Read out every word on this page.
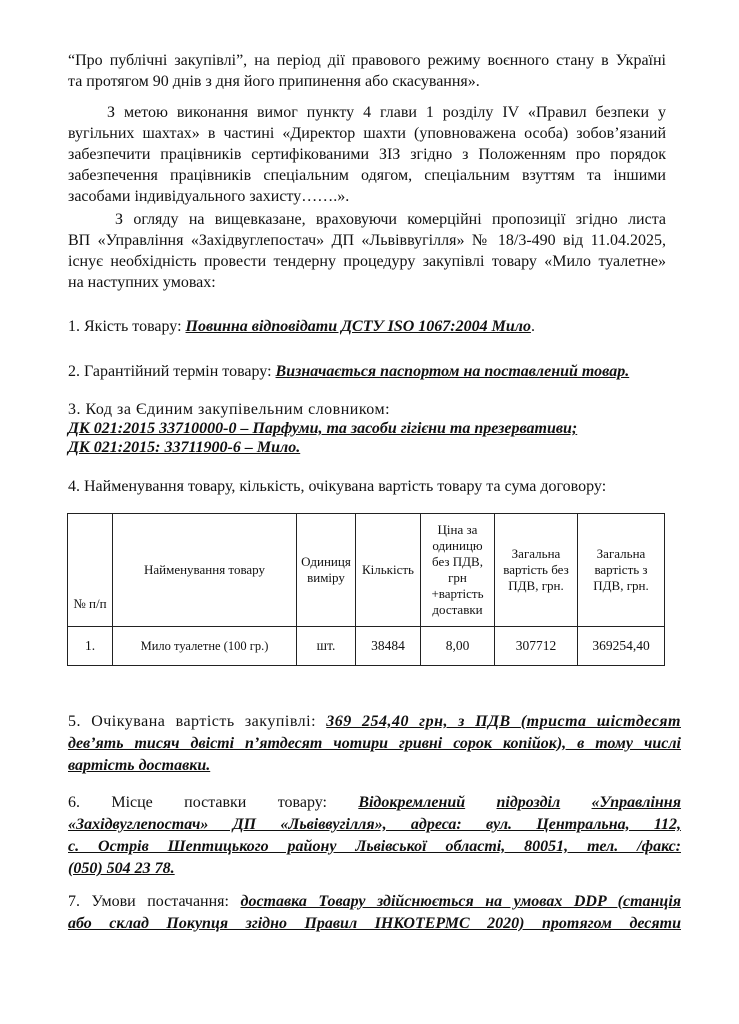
“Про публічні закупівлі”, на період дії правового режиму воєнного стану в Україні
та протягом 90 днів з дня його припинення або скасування».
З метою виконання вимог пункту 4 глави 1 розділу IV «Правил безпеки у
вугільних шахтах» в частині «Директор шахти (уповноважена особа) зобов’язаний
забезпечити працівників сертифікованими ЗІЗ згідно з Положенням про порядок
забезпечення працівників спеціальним одягом, спеціальним взуттям та іншими
засобами індивідуального захисту…….».
З огляду на вищевказане, враховуючи комерційні пропозиції згідно листа
ВП «Управління «Західвуглепостач» ДП «Львіввугілля» № 18/3-490 від 11.04.2025,
існує необхідність провести тендерну процедуру закупівлі товару «Мило туалетне»
на наступних умовах:
1. Якість товару: Повинна відповідати ДСТУ ISO 1067:2004 Мило.
2. Гарантійний термін товару: Визначається паспортом на поставлений товар.
3. Код за Єдиним закупівельним словником:
ДК 021:2015 33710000-0 – Парфуми, та засоби гігієни та презервативи;
ДК 021:2015: 33711900-6 – Мило.
4. Найменування товару, кількість, очікувана вартість товару та сума договору:
№ п/п	Найменування товару	Одиниця виміру	Кількість	Ціна за одиницю без ПДВ, грн +вартість доставки	Загальна вартість без ПДВ, грн.	Загальна вартість з ПДВ, грн.
1.	Мило туалетне (100 гр.)	шт.	38484	8,00	307712	369254,40
5. Очікувана вартість закупівлі: 369 254,40 грн, з ПДВ (триста шістдесят
дев’ять тисяч двісті п’ятдесят чотири гривні сорок копійок), в тому числі
вартість доставки.
6. Місце поставки товару: Відокремлений підрозділ «Управління
«Західвуглепостач» ДП «Львіввугілля», адреса: вул. Центральна, 112,
с. Острів Шептицького району Львівської області, 80051, тел. /факс:
(050) 504 23 78.
7. Умови постачання: доставка Товару здійснюється на умовах DDP (станція
або склад Покупця згідно Правил ІНКОТЕРМС 2020) протягом десяти
